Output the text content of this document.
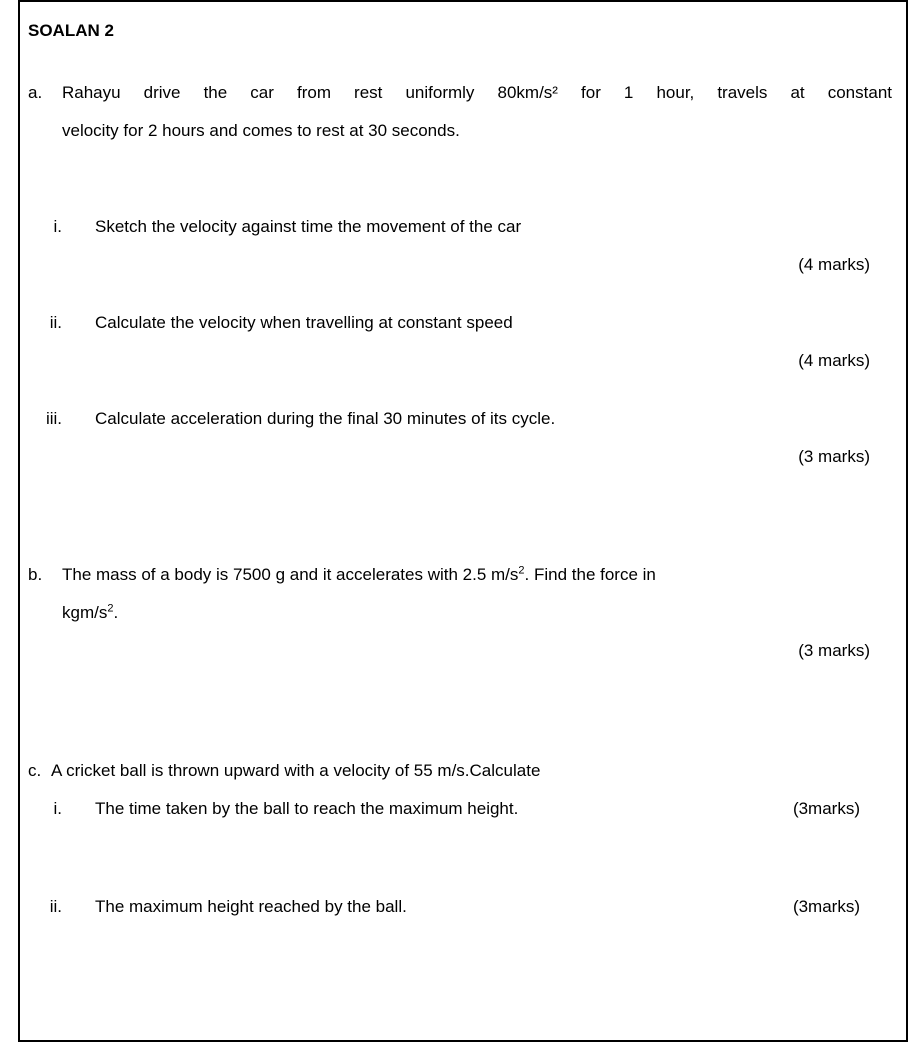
SOALAN 2
a.	Rahayu drive the car from rest uniformly 80km/s² for 1 hour, travels at constant
velocity for 2 hours and comes to rest at 30 seconds.
i. Sketch the velocity against time the movement of the car
(4 marks)
ii. Calculate the velocity when travelling at constant speed
(4 marks)
iii. Calculate acceleration during the final 30 minutes of its cycle.
(3 marks)
b.	The mass of a body is 7500 g and it accelerates with 2.5 $m/s^2$. Find the force in
kgm/$s^2$.
(3 marks)
c. A cricket ball is thrown upward with a velocity of 55 m/s.Calculate
i. The time taken by the ball to reach the maximum height.	(3marks)
ii. The maximum height reached by the ball.	(3marks)
